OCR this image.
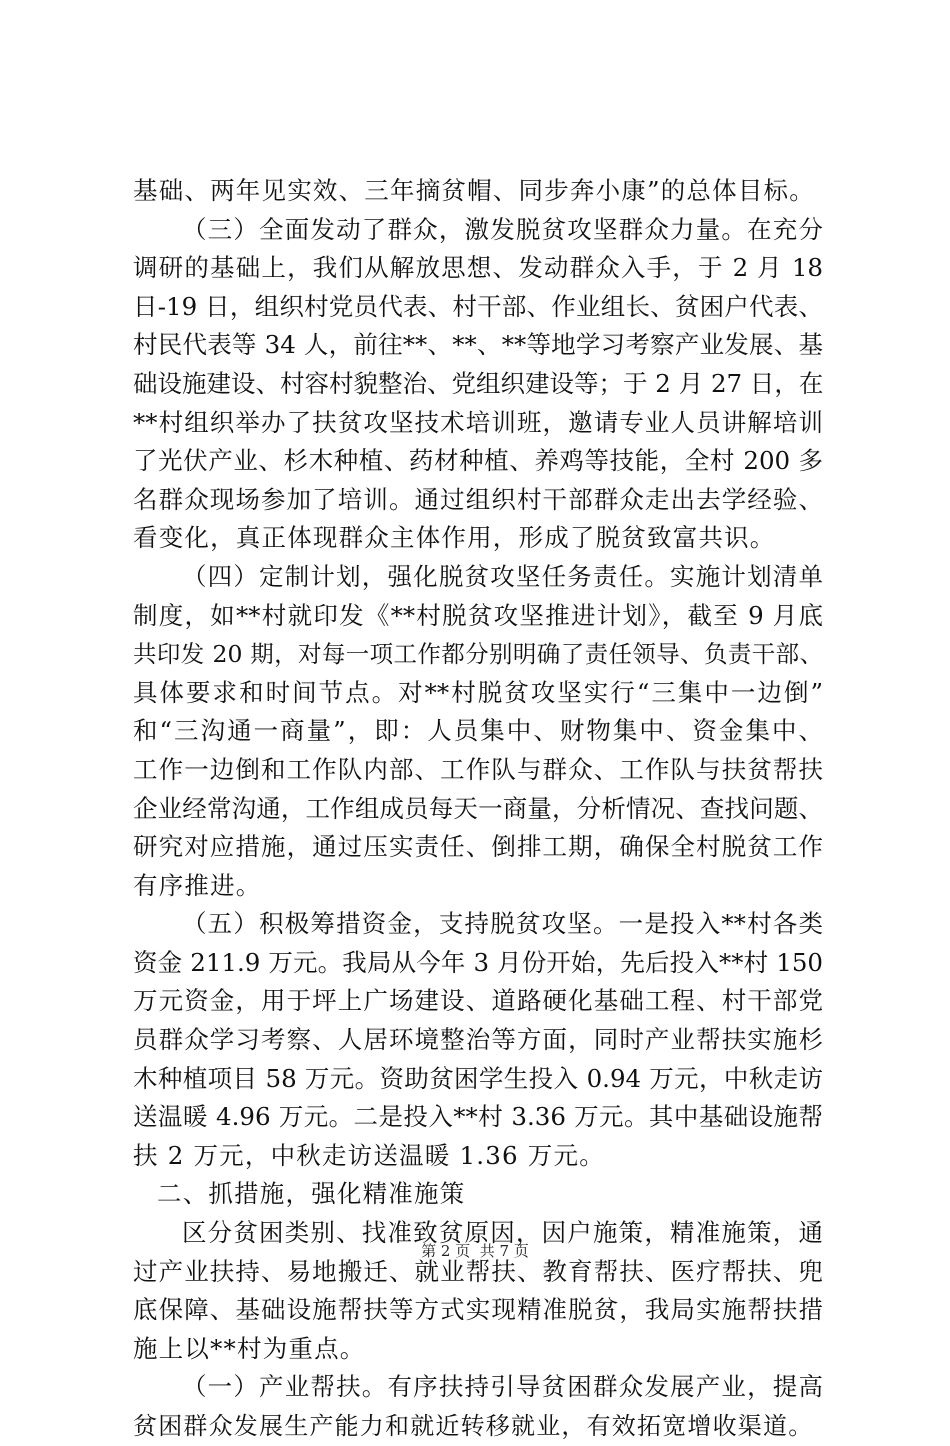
基础、两年见实效、三年摘贫帽、同步奔小康”的总体目标。
（三）全面发动了群众，激发脱贫攻坚群众力量。在充分
调研的基础上，我们从解放思想、发动群众入手，于 2 月 18
日-19 日，组织村党员代表、村干部、作业组长、贫困户代表、
村民代表等 34 人，前往**、**、**等地学习考察产业发展、基
础设施建设、村容村貌整治、党组织建设等；于 2 月 27 日，在
**村组织举办了扶贫攻坚技术培训班，邀请专业人员讲解培训
了光伏产业、杉木种植、药材种植、养鸡等技能，全村 200 多
名群众现场参加了培训。通过组织村干部群众走出去学经验、
看变化，真正体现群众主体作用，形成了脱贫致富共识。
（四）定制计划，强化脱贫攻坚任务责任。实施计划清单
制度，如**村就印发《**村脱贫攻坚推进计划》，截至 9 月底
共印发 20 期，对每一项工作都分别明确了责任领导、负责干部、
具体要求和时间节点。对**村脱贫攻坚实行“三集中一边倒”
和“三沟通一商量”，即：人员集中、财物集中、资金集中、
工作一边倒和工作队内部、工作队与群众、工作队与扶贫帮扶
企业经常沟通，工作组成员每天一商量，分析情况、查找问题、
研究对应措施，通过压实责任、倒排工期，确保全村脱贫工作
有序推进。
（五）积极筹措资金，支持脱贫攻坚。一是投入**村各类
资金 211.9 万元。我局从今年 3 月份开始，先后投入**村 150
万元资金，用于坪上广场建设、道路硬化基础工程、村干部党
员群众学习考察、人居环境整治等方面，同时产业帮扶实施杉
木种植项目 58 万元。资助贫困学生投入 0.94 万元，中秋走访
送温暖 4.96 万元。二是投入**村 3.36 万元。其中基础设施帮
扶 2 万元，中秋走访送温暖 1.36 万元。
二、抓措施，强化精准施策
区分贫困类别、找准致贫原因，因户施策，精准施策，通
过产业扶持、易地搬迁、就业帮扶、教育帮扶、医疗帮扶、兜
底保障、基础设施帮扶等方式实现精准脱贫，我局实施帮扶措
施上以**村为重点。
（一）产业帮扶。有序扶持引导贫困群众发展产业，提高
贫困群众发展生产能力和就近转移就业，有效拓宽增收渠道。
第 2 页  共 7 页
